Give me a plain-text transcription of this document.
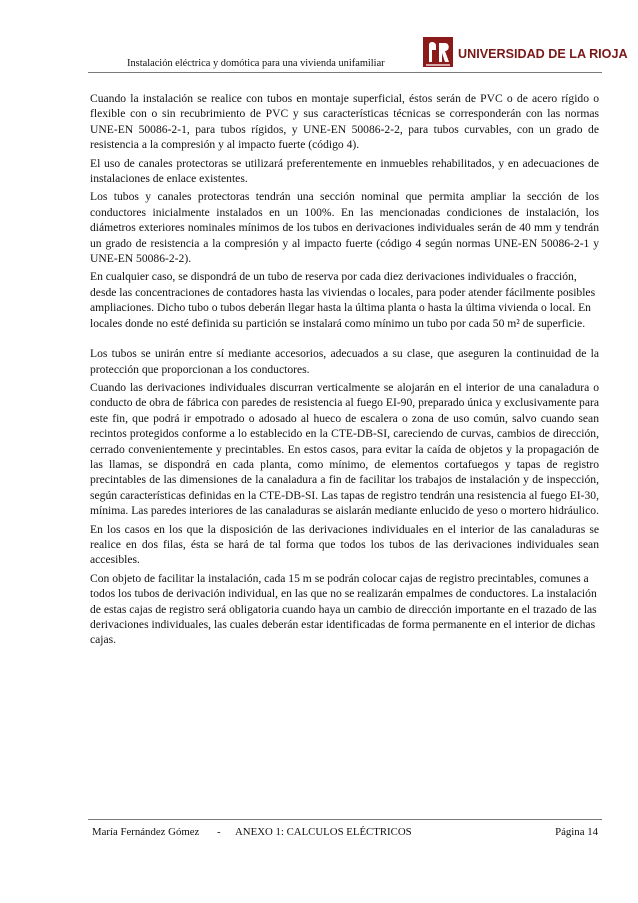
Instalación eléctrica y domótica para una vivienda unifamiliar
UNIVERSIDAD DE LA RIOJA

Cuando la instalación se realice con tubos en montaje superficial, éstos serán de PVC o de acero rígido o flexible con o sin recubrimiento de PVC y sus características técnicas se corresponderán con las normas UNE-EN 50086-2-1, para tubos rígidos, y UNE-EN 50086-2-2, para tubos curvables, con un grado de resistencia a la compresión y al impacto fuerte (código 4).

El uso de canales protectoras se utilizará preferentemente en inmuebles rehabilitados, y en adecuaciones de instalaciones de enlace existentes.

Los tubos y canales protectoras tendrán una sección nominal que permita ampliar la sección de los conductores inicialmente instalados en un 100%. En las mencionadas condiciones de instalación, los diámetros exteriores nominales mínimos de los tubos en derivaciones individuales serán de 40 mm y tendrán un grado de resistencia a la compresión y al impacto fuerte (código 4 según normas UNE-EN 50086-2-1 y UNE-EN 50086-2-2).

En cualquier caso, se dispondrá de un tubo de reserva por cada diez derivaciones individuales o fracción, desde las concentraciones de contadores hasta las viviendas o locales, para poder atender fácilmente posibles ampliaciones. Dicho tubo o tubos deberán llegar hasta la última planta o hasta la última vivienda o local. En locales donde no esté definida su partición se instalará como mínimo un tubo por cada 50 m² de superficie.

Los tubos se unirán entre sí mediante accesorios, adecuados a su clase, que aseguren la continuidad de la protección que proporcionan a los conductores.

Cuando las derivaciones individuales discurran verticalmente se alojarán en el interior de una canaladura o conducto de obra de fábrica con paredes de resistencia al fuego EI-90, preparado única y exclusivamente para este fin, que podrá ir empotrado o adosado al hueco de escalera o zona de uso común, salvo cuando sean recintos protegidos conforme a lo establecido en la CTE-DB-SI, careciendo de curvas, cambios de dirección, cerrado convenientemente y precintables. En estos casos, para evitar la caída de objetos y la propagación de las llamas, se dispondrá en cada planta, como mínimo, de elementos cortafuegos y tapas de registro precintables de las dimensiones de la canaladura a fin de facilitar los trabajos de instalación y de inspección, según características definidas en la CTE-DB-SI. Las tapas de registro tendrán una resistencia al fuego EI-30, mínima. Las paredes interiores de las canaladuras se aislarán mediante enlucido de yeso o mortero hidráulico.

En los casos en los que la disposición de las derivaciones individuales en el interior de las canaladuras se realice en dos filas, ésta se hará de tal forma que todos los tubos de las derivaciones individuales sean accesibles.

Con objeto de facilitar la instalación, cada 15 m se podrán colocar cajas de registro precintables, comunes a todos los tubos de derivación individual, en las que no se realizarán empalmes de conductores. La instalación de estas cajas de registro será obligatoria cuando haya un cambio de dirección importante en el trazado de las derivaciones individuales, las cuales deberán estar identificadas de forma permanente en el interior de dichas cajas.

María Fernández Gómez - ANEXO 1: CALCULOS ELÉCTRICOS	Página 14
